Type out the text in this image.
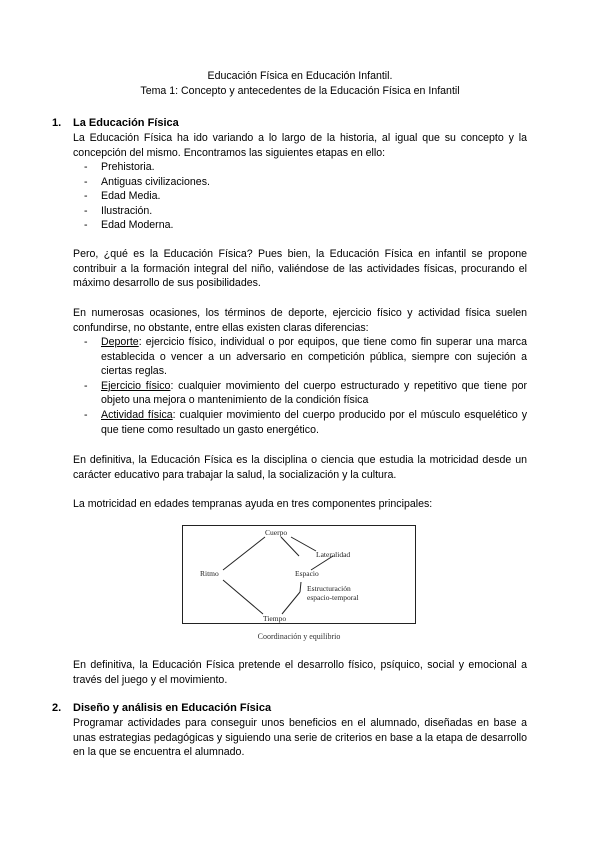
Educación Física en Educación Infantil.
Tema 1: Concepto y antecedentes de la Educación Física en Infantil
1. La Educación Física
La Educación Física ha ido variando a lo largo de la historia, al igual que su concepto y la concepción del mismo. Encontramos las siguientes etapas en ello:
- Prehistoria.
- Antiguas civilizaciones.
- Edad Media.
- Ilustración.
- Edad Moderna.
Pero, ¿qué es la Educación Física? Pues bien, la Educación Física en infantil se propone contribuir a la formación integral del niño, valiéndose de las actividades físicas, procurando el máximo desarrollo de sus posibilidades.
En numerosas ocasiones, los términos de deporte, ejercicio físico y actividad física suelen confundirse, no obstante, entre ellas existen claras diferencias:
- Deporte: ejercicio físico, individual o por equipos, que tiene como fin superar una marca establecida o vencer a un adversario en competición pública, siempre con sujeción a ciertas reglas.
- Ejercicio físico: cualquier movimiento del cuerpo estructurado y repetitivo que tiene por objeto una mejora o mantenimiento de la condición física
- Actividad física: cualquier movimiento del cuerpo producido por el músculo esquelético y que tiene como resultado un gasto energético.
En definitiva, la Educación Física es la disciplina o ciencia que estudia la motricidad desde un carácter educativo para trabajar la salud, la socialización y la cultura.
La motricidad en edades tempranas ayuda en tres componentes principales:
Ritmo
Cuerpo
Espacio
Tiempo
Lateralidad
Estructuración
espacio-temporal
Coordinación y equilibrio
En definitiva, la Educación Física pretende el desarrollo físico, psíquico, social y emocional a través del juego y el movimiento.
2. Diseño y análisis en Educación Física
Programar actividades para conseguir unos beneficios en el alumnado, diseñadas en base a unas estrategias pedagógicas y siguiendo una serie de criterios en base a la etapa de desarrollo en la que se encuentra el alumnado.
